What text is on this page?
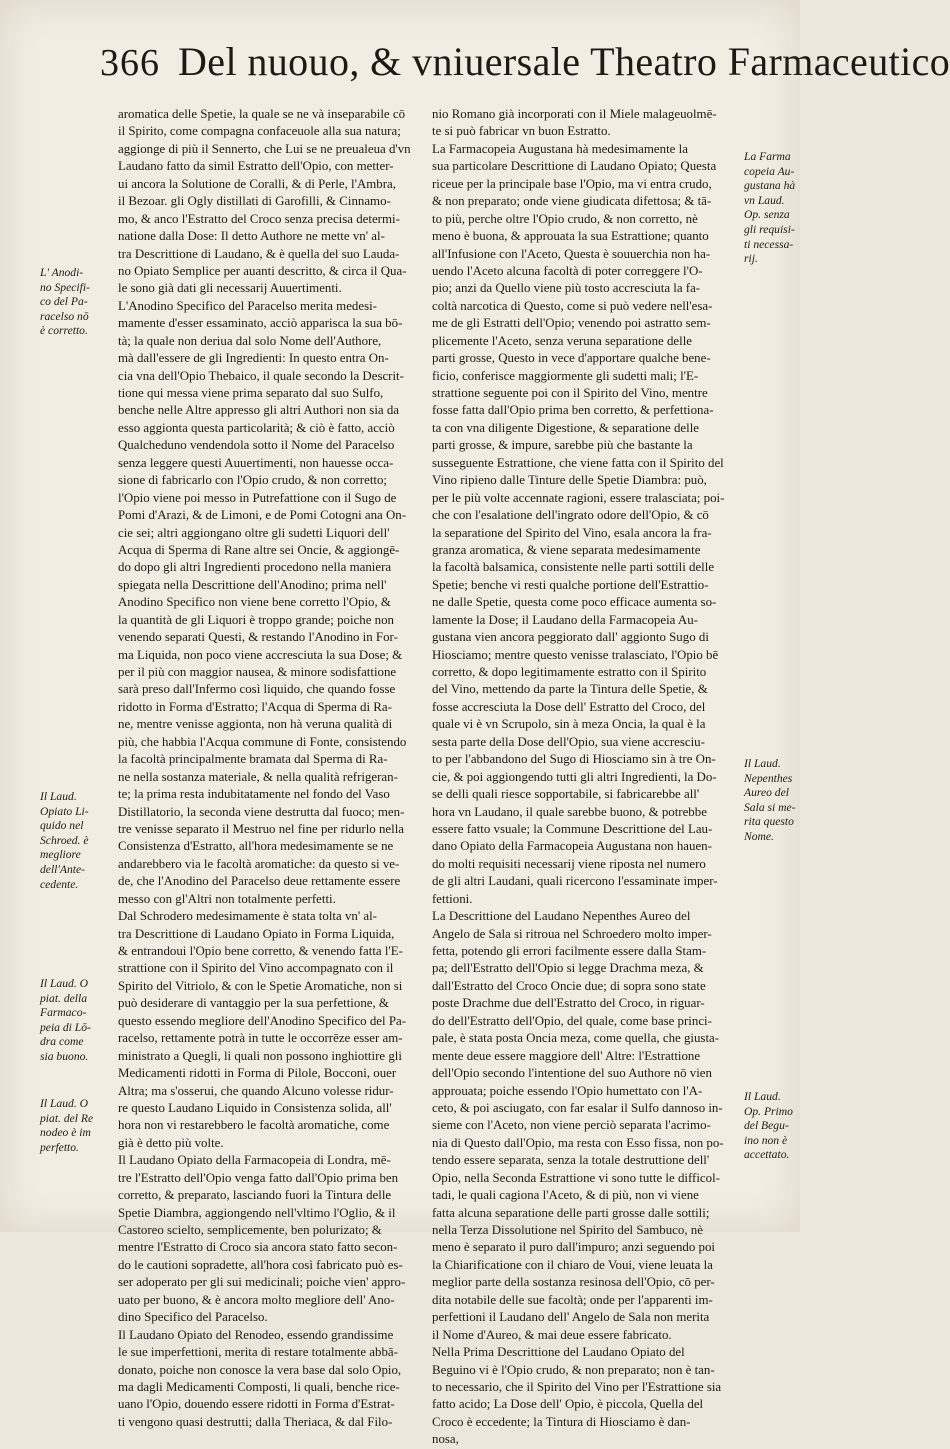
366 Del nuouo, & vniuersale Theatro Farmaceutico
aromatica delle Spetie, la quale se ne và inseparabile cō
il Spirito, come compagna confaceuole alla sua natura;
aggionge di più il Sennerto, che Lui se ne preualeua d'vn
Laudano fatto da simil Estratto dell'Opio, con metter-
ui ancora la Solutione de Coralli, & di Perle, l'Ambra,
il Bezoar. gli Ogly distillati di Garofilli, & Cinnamo-
mo, & anco l'Estratto del Croco senza precisa determi-
natione dalla Dose: Il detto Authore ne mette vn' al-
tra Descrittione di Laudano, & è quella del suo Lauda-
no Opiato Semplice per auanti descritto, & circa il Qua-
le sono già dati gli necessarij Auuertimenti.
L'Anodino Specifico del Paracelso merita medesi-
mamente d'esser essaminato, acciò apparisca la sua bō-
tà; la quale non deriua dal solo Nome dell'Authore,
mà dall'essere de gli Ingredienti: In questo entra On-
cia vna dell'Opio Thebaico, il quale secondo la Descrit-
tione qui messa viene prima separato dal suo Sulfo,
benche nelle Altre appresso gli altri Authori non sia da
esso aggionta questa particolarità; & ciò è fatto, acciò
Qualcheduno vendendola sotto il Nome del Paracelso
senza leggere questi Auuertimenti, non hauesse occa-
sione di fabricarlo con l'Opio crudo, & non corretto;
l'Opio viene poi messo in Putrefattione con il Sugo de
Pomi d'Arazi, & de Limoni, e de Pomi Cotogni ana On-
cie sei; altri aggiongano oltre gli sudetti Liquori dell'
Acqua di Sperma di Rane altre sei Oncie, & aggiongē-
do dopo gli altri Ingredienti procedono nella maniera
spiegata nella Descrittione dell'Anodino; prima nell'
Anodino Specifico non viene bene corretto l'Opio, &
la quantità de gli Liquori è troppo grande; poiche non
venendo separati Questi, & restando l'Anodino in For-
ma Liquida, non poco viene accresciuta la sua Dose; &
per il più con maggior nausea, & minore sodisfattione
sarà preso dall'Infermo così liquido, che quando fosse
ridotto in Forma d'Estratto; l'Acqua di Sperma di Ra-
ne, mentre venisse aggionta, non hà veruna qualità di
più, che habbia l'Acqua commune di Fonte, consistendo
la facoltà principalmente bramata dal Sperma di Ra-
ne nella sostanza materiale, & nella qualità refrigeran-
te; la prima resta indubitatamente nel fondo del Vaso
Distillatorio, la seconda viene destrutta dal fuoco; men-
tre venisse separato il Mestruo nel fine per ridurlo nella
Consistenza d'Estratto, all'hora medesimamente se ne
andarebbero via le facoltà aromatiche: da questo si ve-
de, che l'Anodino del Paracelso deue rettamente essere
messo con gl'Altri non totalmente perfetti.
Dal Schrodero medesimamente è stata tolta vn' al-
tra Descrittione di Laudano Opiato in Forma Liquida,
& entrandoui l'Opio bene corretto, & venendo fatta l'E-
strattione con il Spirito del Vino accompagnato con il
Spirito del Vitriolo, & con le Spetie Aromatiche, non si
può desiderare di vantaggio per la sua perfettione, &
questo essendo megliore dell'Anodino Specifico del Pa-
racelso, rettamente potrà in tutte le occorrēze esser am-
ministrato a Quegli, li quali non possono inghiottire gli
Medicamenti ridotti in Forma di Pilole, Bocconi, ouer
Altra; ma s'osserui, che quando Alcuno volesse ridur-
re questo Laudano Liquido in Consistenza solida, all'
hora non vi restarebbero le facoltà aromatiche, come
già è detto più volte.
Il Laudano Opiato della Farmacopeia di Londra, mē-
tre l'Estratto dell'Opio venga fatto dall'Opio prima ben
corretto, & preparato, lasciando fuori la Tintura delle
Spetie Diambra, aggiongendo nell'vltimo l'Oglio, & il
Castoreo scielto, semplicemente, ben polurizato; &
mentre l'Estratto di Croco sia ancora stato fatto secon-
do le cautioni sopradette, all'hora così fabricato può es-
ser adoperato per gli sui medicinali; poiche vien' appro-
uato per buono, & è ancora molto megliore dell' Ano-
dino Specifico del Paracelso.
Il Laudano Opiato del Renodeo, essendo grandissime
le sue imperfettioni, merita di restare totalmente abbā-
donato, poiche non conosce la vera base dal solo Opio,
ma dagli Medicamenti Composti, li quali, benche rice-
uano l'Opio, douendo essere ridotti in Forma d'Estrat-
ti vengono quasi destrutti; dalla Theriaca, & dal Filo-
nio Romano già incorporati con il Miele malageuolmē-
te si può fabricar vn buon Estratto.
La Farmacopeia Augustana hà medesimamente la
sua particolare Descrittione di Laudano Opiato; Questa
riceue per la principale base l'Opio, ma vi entra crudo,
& non preparato; onde viene giudicata difettosa; & tā-
to più, perche oltre l'Opio crudo, & non corretto, nè
meno è buona, & approuata la sua Estrattione; quanto
all'Infusione con l'Aceto, Questa è souuerchia non ha-
uendo l'Aceto alcuna facoltà di poter correggere l'O-
pio; anzi da Quello viene più tosto accresciuta la fa-
coltà narcotica di Questo, come si può vedere nell'esa-
me de gli Estratti dell'Opio; venendo poi astratto sem-
plicemente l'Aceto, senza veruna separatione delle
parti grosse, Questo in vece d'apportare qualche bene-
ficio, conferisce maggiormente gli sudetti mali; l'E-
strattione seguente poi con il Spirito del Vino, mentre
fosse fatta dall'Opio prima ben corretto, & perfettiona-
ta con vna diligente Digestione, & separatione delle
parti grosse, & impure, sarebbe più che bastante la
susseguente Estrattione, che viene fatta con il Spirito del
Vino ripieno dalle Tinture delle Spetie Diambra: può,
per le più volte accennate ragioni, essere tralasciata; poi-
che con l'esalatione dell'ingrato odore dell'Opio, & cō
la separatione del Spirito del Vino, esala ancora la fra-
granza aromatica, & viene separata medesimamente
la facoltà balsamica, consistente nelle parti sottili delle
Spetie; benche vi resti qualche portione dell'Estrattio-
ne dalle Spetie, questa come poco efficace aumenta so-
lamente la Dose; il Laudano della Farmacopeia Au-
gustana vien ancora peggiorato dall' aggionto Sugo di
Hiosciamo; mentre questo venisse tralasciato, l'Opio bē
corretto, & dopo legitimamente estratto con il Spirito
del Vino, mettendo da parte la Tintura delle Spetie, &
fosse accresciuta la Dose dell' Estratto del Croco, del
quale vi è vn Scrupolo, sin à meza Oncia, la qual è la
sesta parte della Dose dell'Opio, sua viene accresciu-
to per l'abbandono del Sugo di Hiosciamo sin à tre On-
cie, & poi aggiongendo tutti gli altri Ingredienti, la Do-
se delli quali riesce sopportabile, si fabricarebbe all'
hora vn Laudano, il quale sarebbe buono, & potrebbe
essere fatto vsuale; la Commune Descrittione del Lau-
dano Opiato della Farmacopeia Augustana non hauen-
do molti requisiti necessarij viene riposta nel numero
de gli altri Laudani, quali ricercono l'essaminate imper-
fettioni.
La Descrittione del Laudano Nepenthes Aureo del
Angelo de Sala si ritroua nel Schroedero molto imper-
fetta, potendo gli errori facilmente essere dalla Stam-
pa; dell'Estratto dell'Opio si legge Drachma meza, &
dall'Estratto del Croco Oncie due; di sopra sono state
poste Drachme due dell'Estratto del Croco, in riguar-
do dell'Estratto dell'Opio, del quale, come base princi-
pale, è stata posta Oncia meza, come quella, che giusta-
mente deue essere maggiore dell' Altre: l'Estrattione
dell'Opio secondo l'intentione del suo Authore nō vien
approuata; poiche essendo l'Opio humettato con l'A-
ceto, & poi asciugato, con far esalar il Sulfo dannoso in-
sieme con l'Aceto, non viene perciò separata l'acrimo-
nia di Questo dall'Opio, ma resta con Esso fissa, non po-
tendo essere separata, senza la totale destruttione dell'
Opio, nella Seconda Estrattione vi sono tutte le difficol-
tadi, le quali cagiona l'Aceto, & di più, non vi viene
fatta alcuna separatione delle parti grosse dalle sottili;
nella Terza Dissolutione nel Spirito del Sambuco, nè
meno è separato il puro dall'impuro; anzi seguendo poi
la Chiarificatione con il chiaro de Voui, viene leuata la
meglior parte della sostanza resinosa dell'Opio, cō per-
dita notabile delle sue facoltà; onde per l'apparenti im-
perfettioni il Laudano dell' Angelo de Sala non merita
il Nome d'Aureo, & mai deue essere fabricato.
Nella Prima Descrittione del Laudano Opiato del
Beguino vi è l'Opio crudo, & non preparato; non è tan-
to necessario, che il Spirito del Vino per l'Estrattione sia
fatto acido; La Dose dell' Opio, è piccola, Quella del
Croco è eccedente; la Tintura di Hiosciamo è dan-
nosa,
L' Anodi-
no Specifi-
co del Pa-
racelso nō
è corretto.
Il Laud.
Opiato Li-
quido nel
Schroed. è
megliore
dell'Ante-
cedente.
Il Laud. O
piat. della
Farmaco-
peia di Lō-
dra come
sia buono.
Il Laud. O
piat. del Re
nodeo è im
perfetto.
La Farma
copeia Au-
gustana hà
vn Laud.
Op. senza
gli requisi-
ti necessa-
rij.
Il Laud.
Nepenthes
Aureo del
Sala si me-
rita questo
Nome.
Il Laud.
Op. Primo
del Begu-
ino non è
accettato.
